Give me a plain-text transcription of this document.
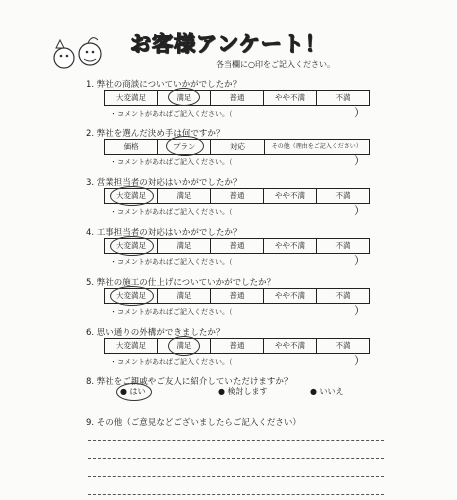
お客様アンケート！
各当欄に○印をご記入ください。
1. 弊社の商談についていかがでしたか？
大変満足	満足	普通	やや不満	不満
・コメントがあればご記入ください。（	）
2. 弊社を選んだ決め手は何ですか？
価格	プラン	対応	その他（理由をご記入ください）
・コメントがあればご記入ください。（	）
3. 営業担当者の対応はいかがでしたか？
大変満足	満足	普通	やや不満	不満
・コメントがあればご記入ください。（	）
4. 工事担当者の対応はいかがでしたか？
大変満足	満足	普通	やや不満	不満
・コメントがあればご記入ください。（	）
5. 弊社の施工の仕上げについていかがでしたか？
大変満足	満足	普通	やや不満	不満
・コメントがあればご記入ください。（	）
6. 思い通りの外構ができましたか？
大変満足	満足	普通	やや不満	不満
・コメントがあればご記入ください。（	）
8. 弊社をご親戚やご友人に紹介していただけますか？
● はい	● 検討します	● いいえ
9. その他（ご意見などございましたらご記入ください）
